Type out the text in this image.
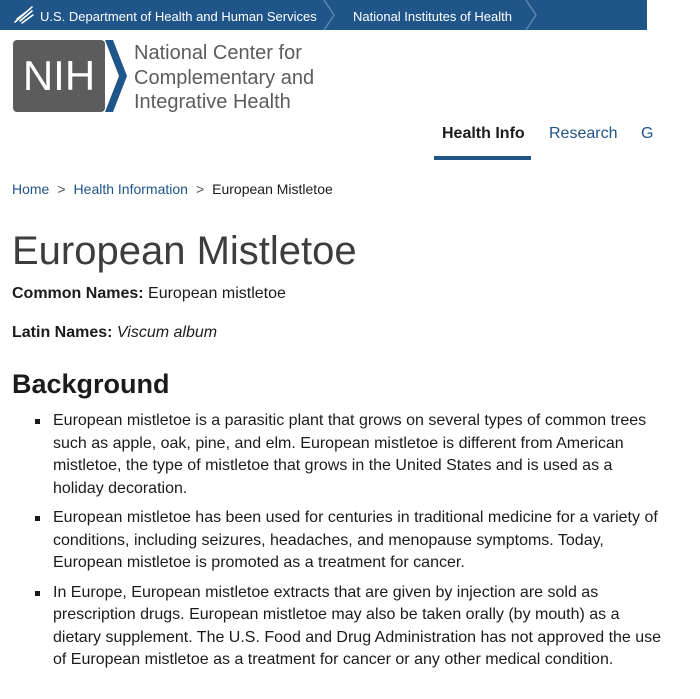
U.S. Department of Health and Human Services	National Institutes of Health
NIH National Center for
Complementary and
Integrative Health
Health Info Research G
Home > Health Information > European Mistletoe
European Mistletoe
Common Names: European mistletoe
Latin Names: Viscum album
Background
European mistletoe is a parasitic plant that grows on several types of common trees
such as apple, oak, pine, and elm. European mistletoe is different from American
mistletoe, the type of mistletoe that grows in the United States and is used as a
holiday decoration.
European mistletoe has been used for centuries in traditional medicine for a variety of
conditions, including seizures, headaches, and menopause symptoms. Today,
European mistletoe is promoted as a treatment for cancer.
In Europe, European mistletoe extracts that are given by injection are sold as
prescription drugs. European mistletoe may also be taken orally (by mouth) as a
dietary supplement. The U.S. Food and Drug Administration has not approved the use
of European mistletoe as a treatment for cancer or any other medical condition.
